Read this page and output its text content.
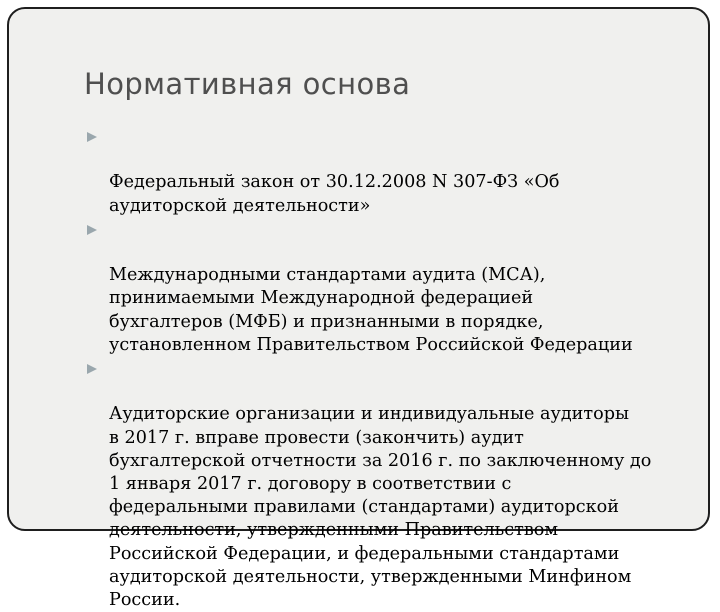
Нормативная основа

Федеральный закон от 30.12.2008 N 307-ФЗ «Об
аудиторской деятельности»

Международными стандартами аудита (МСА),
принимаемыми Международной федерацией
бухгалтеров (МФБ) и признанными в порядке,
установленном Правительством Российской Федерации

Аудиторские организации и индивидуальные аудиторы
в 2017 г. вправе провести (закончить) аудит
бухгалтерской отчетности за 2016 г. по заключенному до
1 января 2017 г. договору в соответствии с
федеральными правилами (стандартами) аудиторской
деятельности, утвержденными Правительством
Российской Федерации, и федеральными стандартами
аудиторской деятельности, утвержденными Минфином
России.
